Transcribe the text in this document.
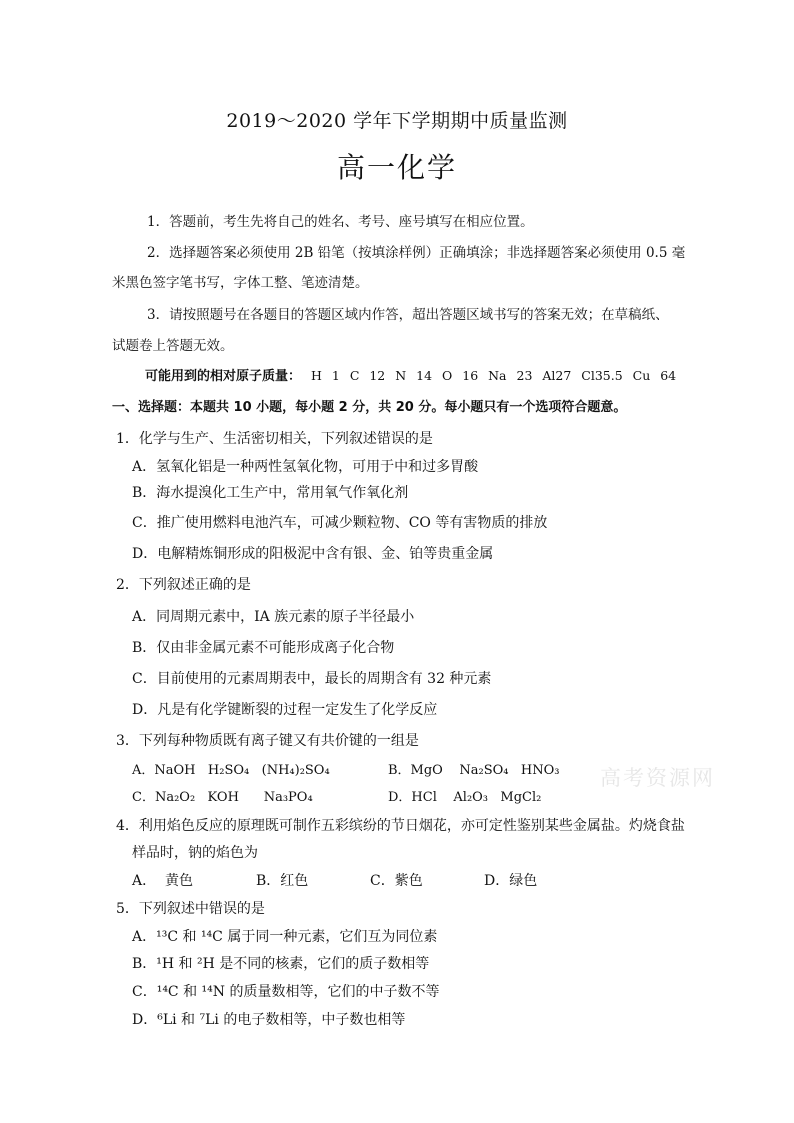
2019～2020 学年下学期期中质量监测
高一化学
1．答题前，考生先将自己的姓名、考号、座号填写在相应位置。
2．选择题答案必须使用 2B 铅笔（按填涂样例）正确填涂；非选择题答案必须使用 0.5 毫
米黑色签字笔书写，字体工整、笔迹清楚。
3．请按照题号在各题目的答题区域内作答，超出答题区域书写的答案无效；在草稿纸、
试题卷上答题无效。
可能用到的相对原子质量： H 1 C 12 N 14 O 16 Na 23 Al27 Cl35.5 Cu 64
一、选择题：本题共 10 小题，每小题 2 分，共 20 分。每小题只有一个选项符合题意。
1．化学与生产、生活密切相关，下列叙述错误的是
A．氢氧化铝是一种两性氢氧化物，可用于中和过多胃酸
B．海水提溴化工生产中，常用氧气作氧化剂
C．推广使用燃料电池汽车，可减少颗粒物、CO 等有害物质的排放
D．电解精炼铜形成的阳极泥中含有银、金、铂等贵重金属
2．下列叙述正确的是
A．同周期元素中，ⅠA 族元素的原子半径最小
B．仅由非金属元素不可能形成离子化合物
C．目前使用的元素周期表中，最长的周期含有 32 种元素
D．凡是有化学键断裂的过程一定发生了化学反应
3．下列每种物质既有离子键又有共价键的一组是
A．NaOH   H₂SO₄   (NH₄)₂SO₄	B．MgO    Na₂SO₄   HNO₃
C．Na₂O₂   KOH      Na₃PO₄	D．HCl    Al₂O₃   MgCl₂
高考资源网
4．利用焰色反应的原理既可制作五彩缤纷的节日烟花，亦可定性鉴别某些金属盐。灼烧食盐
样品时，钠的焰色为
A．  黄色	B．红色	C．紫色	D．绿色
5．下列叙述中错误的是
A．¹³C 和 ¹⁴C 属于同一种元素，它们互为同位素
B．¹H 和 ²H 是不同的核素，它们的质子数相等
C．¹⁴C 和 ¹⁴N 的质量数相等，它们的中子数不等
D．⁶Li 和 ⁷Li 的电子数相等，中子数也相等
